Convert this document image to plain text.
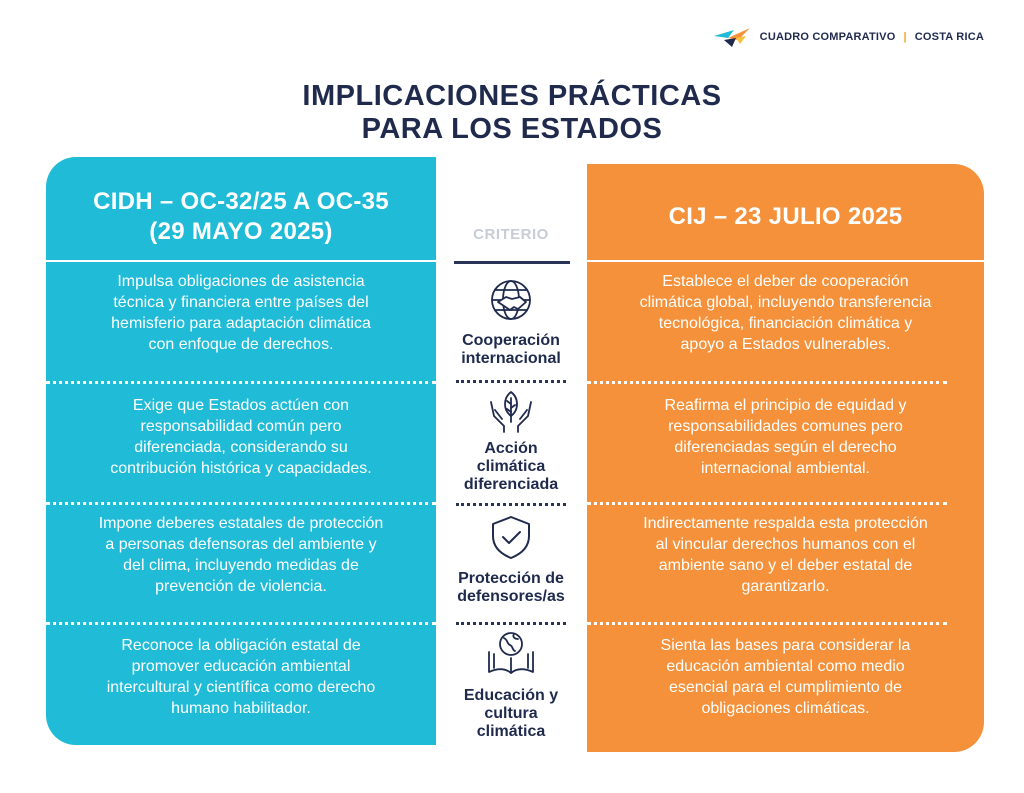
CUADRO COMPARATIVO | COSTA RICA
IMPLICACIONES PRÁCTICAS
PARA LOS ESTADOS
CIDH – OC-32/25 A OC-35
(29 MAYO 2025)
Impulsa obligaciones de asistencia
técnica y financiera entre países del
hemisferio para adaptación climática
con enfoque de derechos.
Exige que Estados actúen con
responsabilidad común pero
diferenciada, considerando su
contribución histórica y capacidades.
Impone deberes estatales de protección
a personas defensoras del ambiente y
del clima, incluyendo medidas de
prevención de violencia.
Reconoce la obligación estatal de
promover educación ambiental
intercultural y científica como derecho
humano habilitador.
CIJ – 23 JULIO 2025
Establece el deber de cooperación
climática global, incluyendo transferencia
tecnológica, financiación climática y
apoyo a Estados vulnerables.
Reafirma el principio de equidad y
responsabilidades comunes pero
diferenciadas según el derecho
internacional ambiental.
Indirectamente respalda esta protección
al vincular derechos humanos con el
ambiente sano y el deber estatal de
garantizarlo.
Sienta las bases para considerar la
educación ambiental como medio
esencial para el cumplimiento de
obligaciones climáticas.
CRITERIO
Cooperación
internacional
Acción
climática
diferenciada
Protección de
defensores/as
Educación y
cultura
climática
